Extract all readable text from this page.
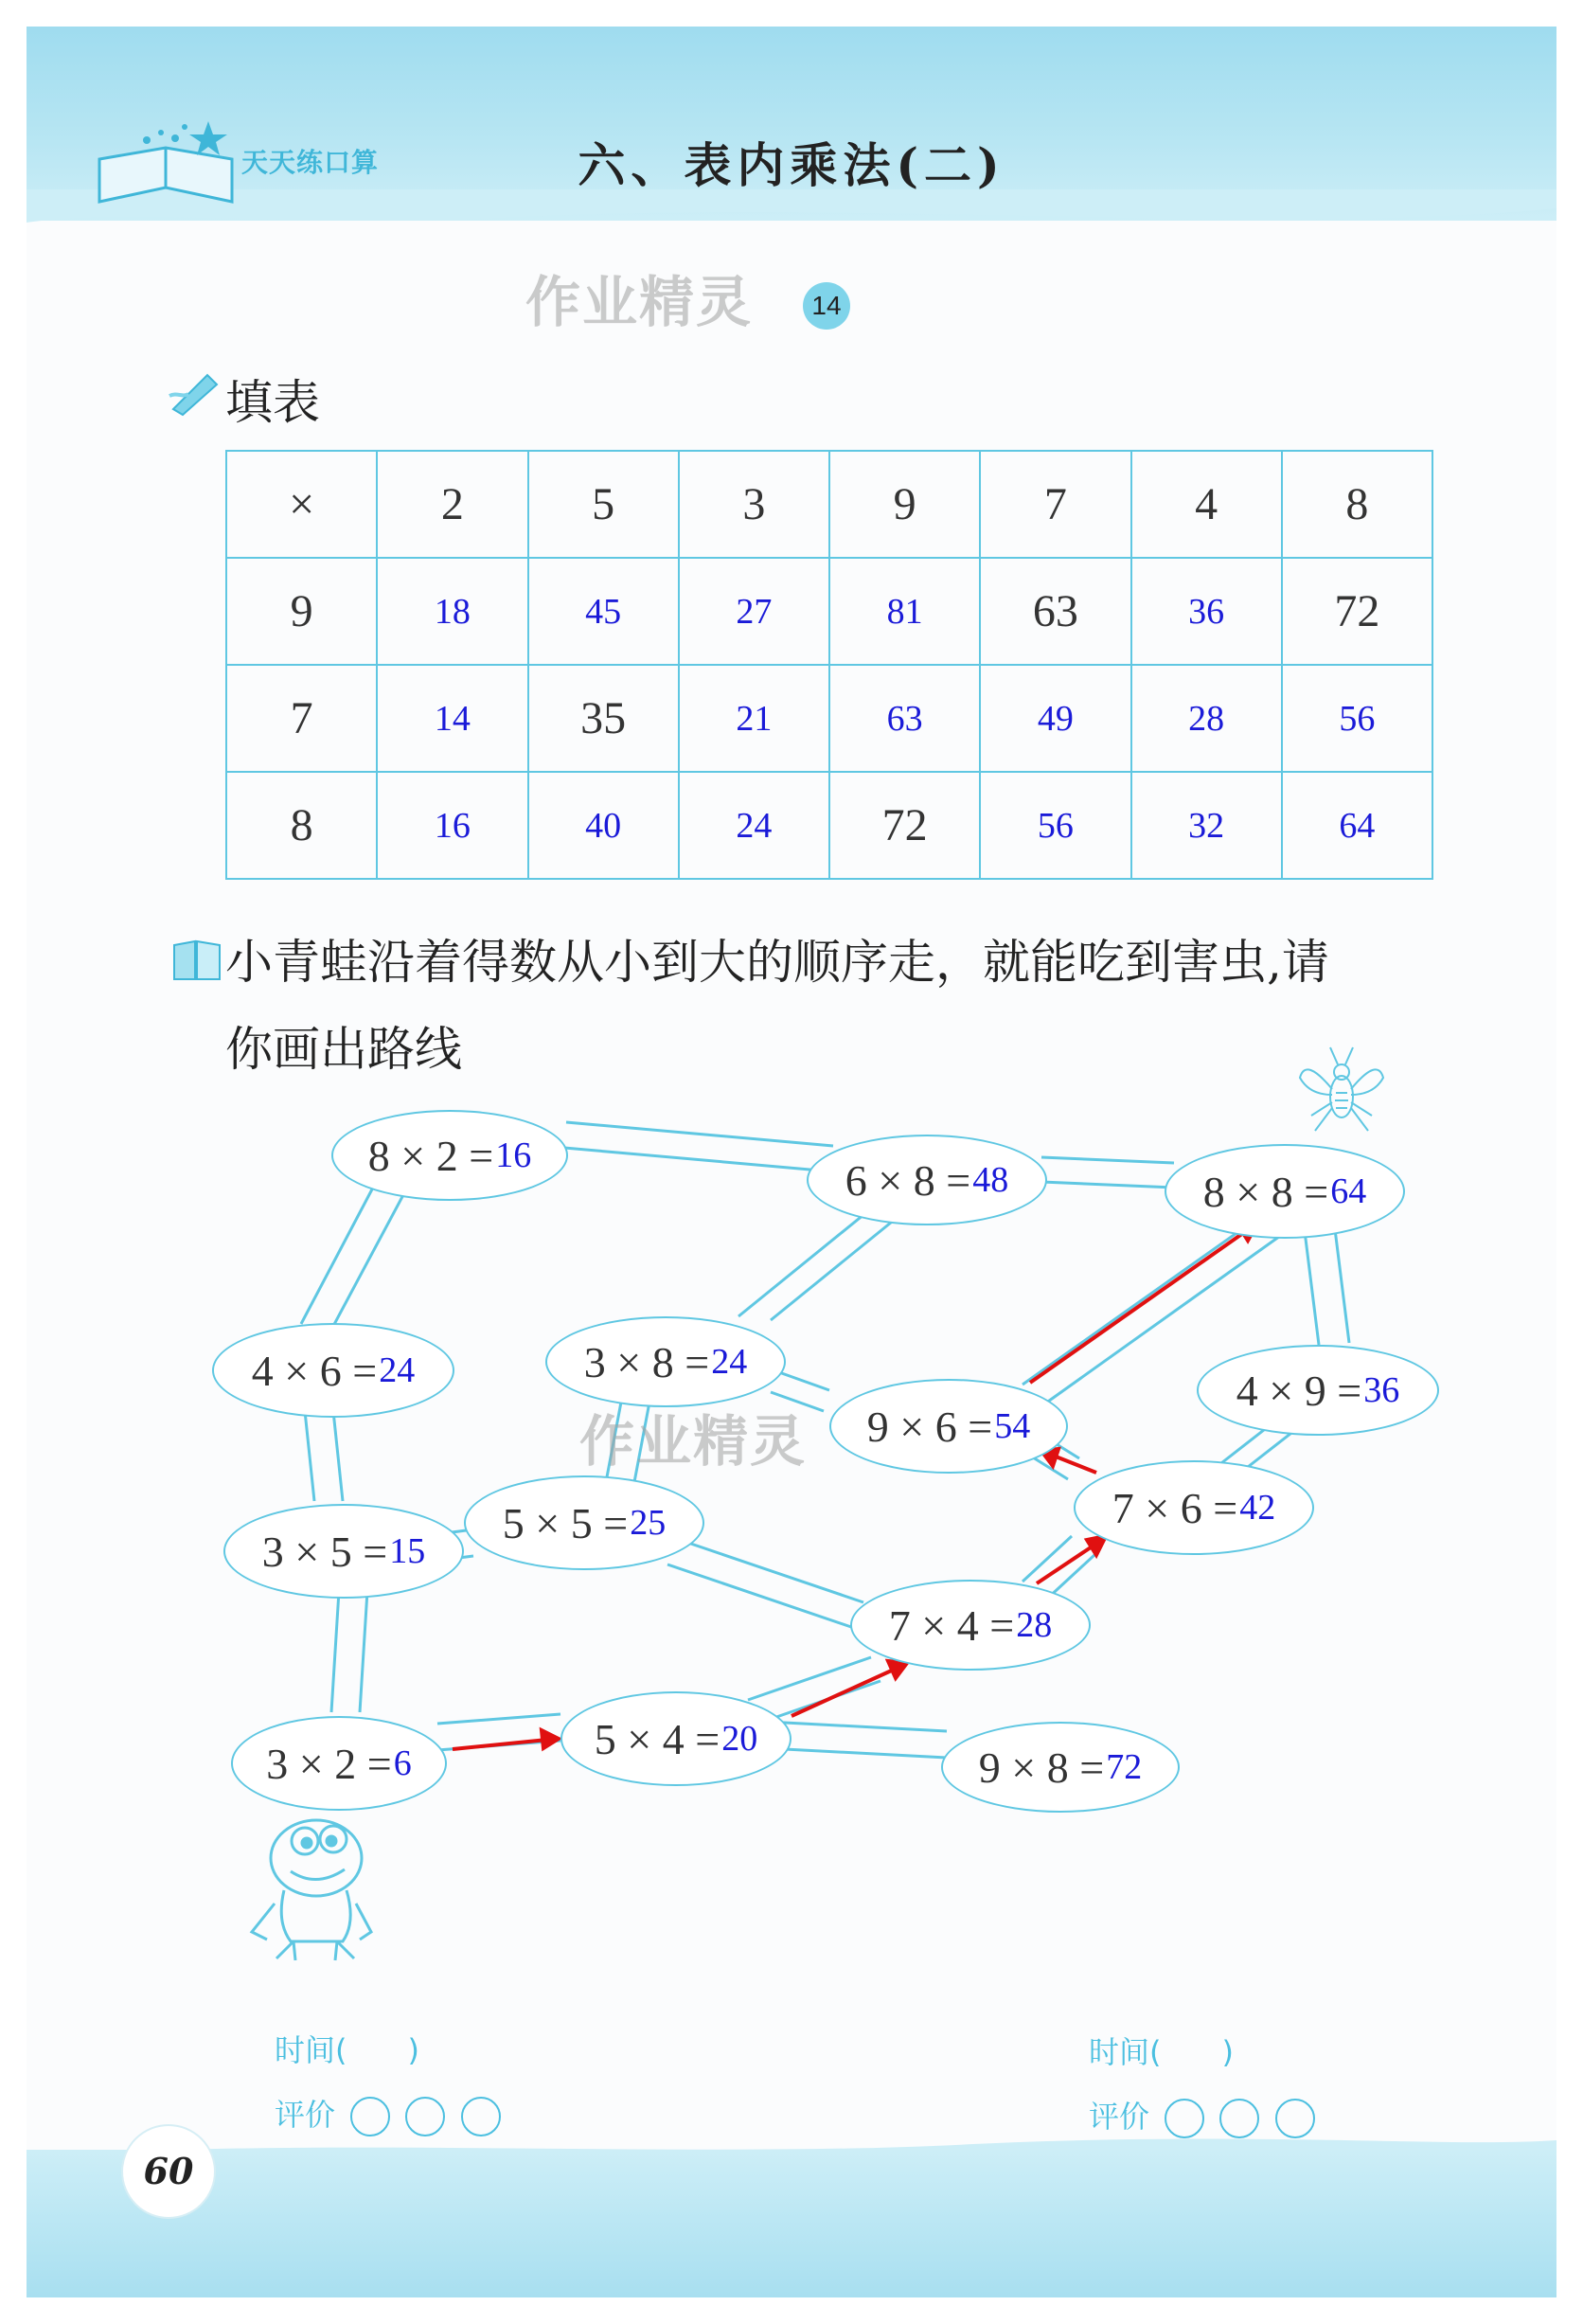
天天练口算	六、表内乘法(二)
作业精灵	14
填表
×	2	5	3	9	7	4	8
9	18	45	27	81	63	36	72
7	14	35	21	63	49	28	56
8	16	40	24	72	56	32	64
小青蛙沿着得数从小到大的顺序走，就能吃到害虫,请
你画出路线
8 × 2 = 16
6 × 8 = 48	8 × 8 = 64
4 × 6 = 24	3 × 8 = 24
9 × 6 = 54
4 × 9 = 36
3 × 5 = 15
5 × 5 = 25	7 × 6 = 42
7 × 4 = 28
3 × 2 = 6
5 × 4 = 20
9 × 8 = 72
作业精灵
时间(　　)
评价
时间(　　)
评价
60
